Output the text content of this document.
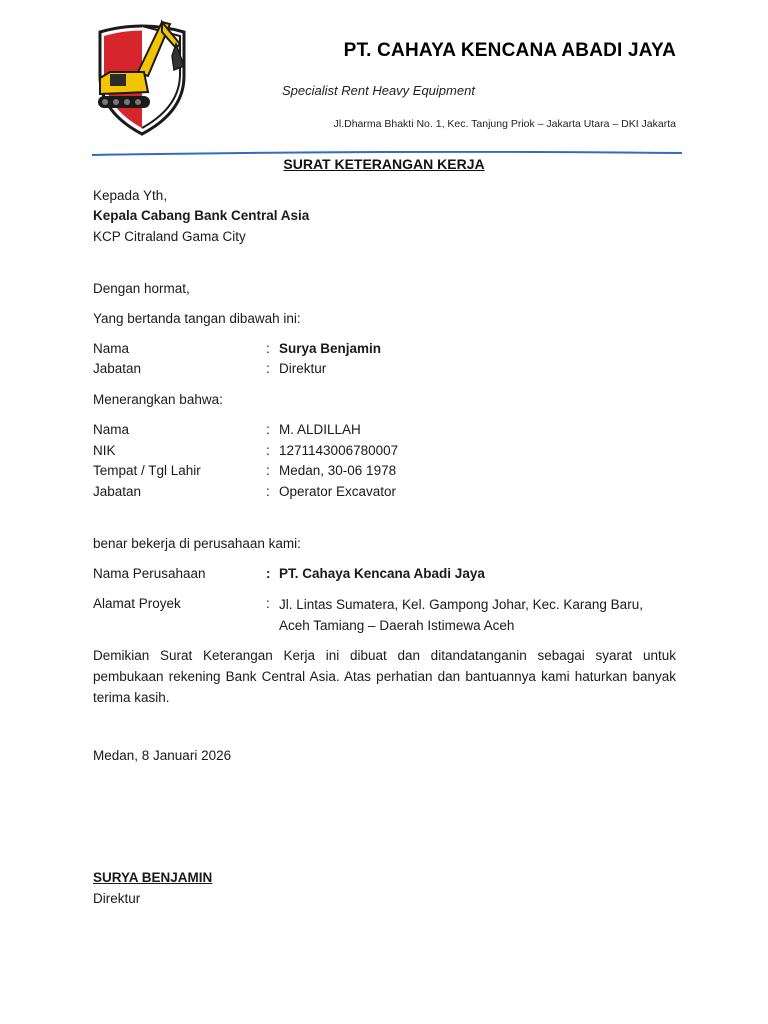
PT. CAHAYA KENCANA ABADI JAYA
Specialist Rent Heavy Equipment
Jl.Dharma Bhakti No. 1, Kec. Tanjung Priok – Jakarta Utara – DKI Jakarta
SURAT KETERANGAN KERJA
Kepada Yth,
Kepala Cabang Bank Central Asia
KCP Citraland Gama City
Dengan hormat,
Yang bertanda tangan dibawah ini:
Nama	: Surya Benjamin
Jabatan	: Direktur
Menerangkan bahwa:
Nama	: M. ALDILLAH
NIK	: 1271143006780007
Tempat / Tgl Lahir	: Medan, 30-06 1978
Jabatan	: Operator Excavator
benar bekerja di perusahaan kami:
Nama Perusahaan	: PT. Cahaya Kencana Abadi Jaya
Alamat Proyek	: Jl. Lintas Sumatera, Kel. Gampong Johar, Kec. Karang Baru, Aceh Tamiang – Daerah Istimewa Aceh
Demikian Surat Keterangan Kerja ini dibuat dan ditandatanganin sebagai syarat untuk pembukaan rekening Bank Central Asia. Atas perhatian dan bantuannya kami haturkan banyak terima kasih.
Medan, 8 Januari 2026
SURYA BENJAMIN
Direktur
